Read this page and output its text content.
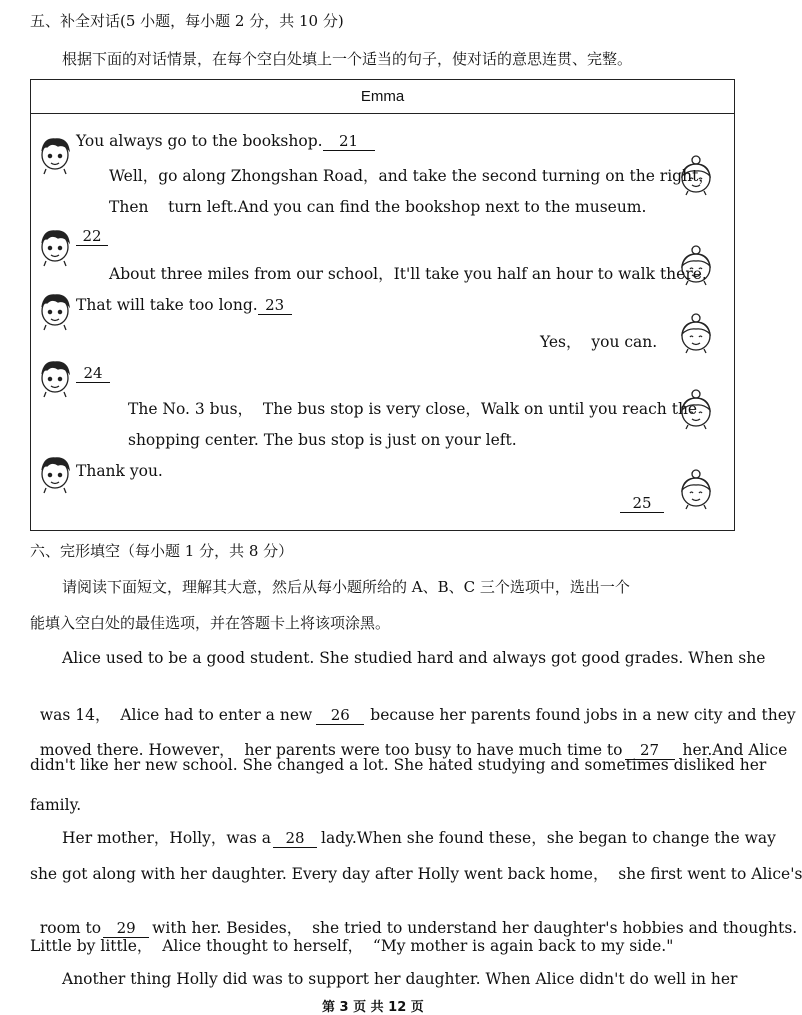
五、补全对话(5 小题，每小题 2 分，共 10 分)
根据下面的对话情景，在每个空白处填上一个适当的句子，使对话的意思连贯、完整。
Emma
You always go to the bookshop. 21
Well，go along Zhongshan Road，and take the second turning on the right，
Then    turn left.And you can find the bookshop next to the museum.
22
About three miles from our school，It'll take you half an hour to walk there.
That will take too long. 23
Yes，  you can.
24
The No. 3 bus，  The bus stop is very close，Walk on until you reach the
shopping center. The bus stop is just on your left.
Thank you.
25
六、完形填空（每小题 1 分，共 8 分）
请阅读下面短文，理解其大意，然后从每小题所给的 A、B、C 三个选项中，选出一个
能填入空白处的最佳选项，并在答题卡上将该项涂黑。
Alice used to be a good student. She studied hard and always got good grades. When she

was 14，  Alice had to enter a new 26 because her parents found jobs in a new city and they

moved there. However，  her parents were too busy to have much time to 27 her.And Alice

didn't like her new school. She changed a lot. She hated studying and sometimes disliked her
family.
Her mother，Holly，was a 28 lady.When she found these，she began to change the way
she got along with her daughter. Every day after Holly went back home，  she first went to Alice's

room to 29 with her. Besides，  she tried to understand her daughter's hobbies and thoughts.

Little by little，  Alice thought to herself，  “My mother is again back to my side."
Another thing Holly did was to support her daughter. When Alice didn't do well in her
第 3 页 共 12 页
